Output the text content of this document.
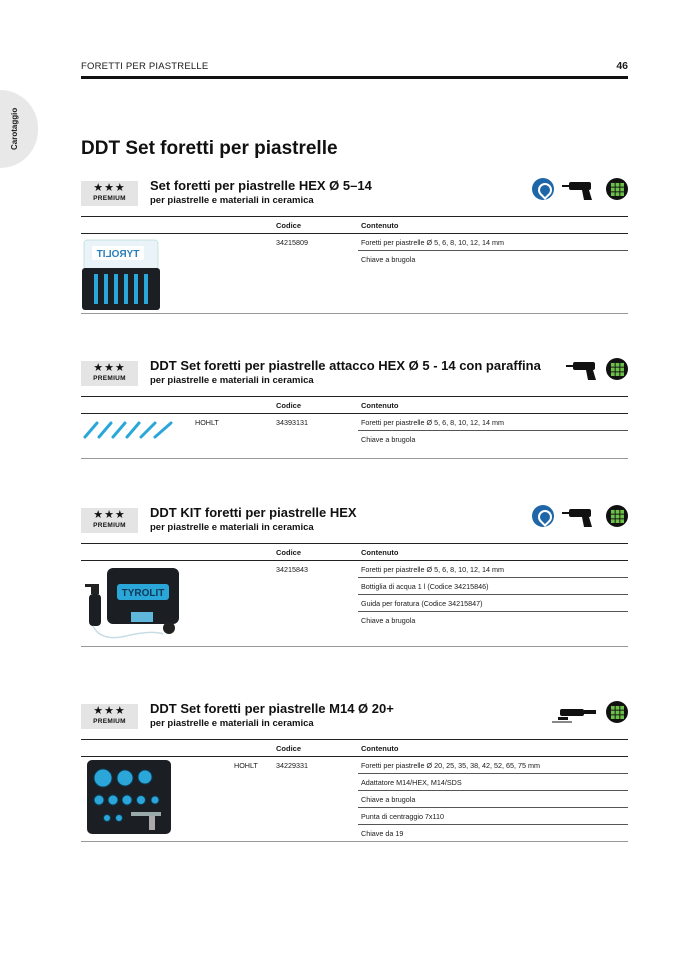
Carotaggio
FORETTI PER PIASTRELLE	46
DDT Set foretti per piastrelle
★★★
PREMIUM
Set foretti per piastrelle HEX Ø 5–14
per piastrelle e materiali in ceramica
Codice	Contenuto
34215809	Foretti per piastrelle Ø 5, 6, 8, 10, 12, 14 mm
Chiave a brugola
TYROLIT
★★★
PREMIUM
DDT Set foretti per piastrelle attacco HEX Ø 5 - 14 con paraffina
per piastrelle e materiali in ceramica
Codice	Contenuto
HOHLT	34393131	Foretti per piastrelle Ø 5, 6, 8, 10, 12, 14 mm
Chiave a brugola
★★★
PREMIUM
DDT KIT foretti per piastrelle HEX
per piastrelle e materiali in ceramica
Codice	Contenuto
34215843	Foretti per piastrelle Ø 5, 6, 8, 10, 12, 14 mm
Bottiglia di acqua 1 l (Codice 34215846)
Guida per foratura (Codice 34215847)
Chiave a brugola
TYROLIT
★★★
PREMIUM
DDT Set foretti per piastrelle M14 Ø 20+
per piastrelle e materiali in ceramica
Codice	Contenuto
HOHLT	34229331	Foretti per piastrelle Ø 20, 25, 35, 38, 42, 52, 65, 75 mm
Adattatore M14/HEX, M14/SDS
Chiave a brugola
Punta di centraggio 7x110
Chiave da 19
